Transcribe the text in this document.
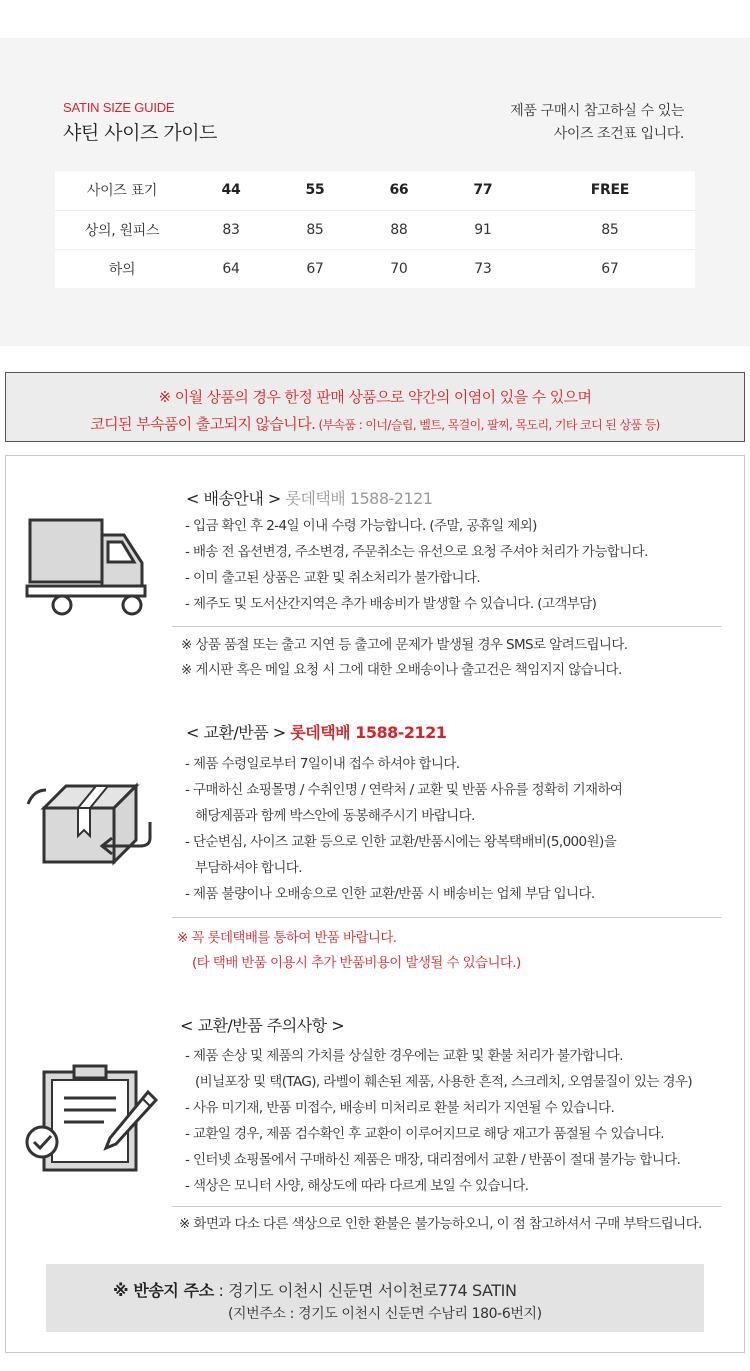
SATIN SIZE GUIDE
샤틴 사이즈 가이드
제품 구매시 참고하실 수 있는
사이즈 조건표 입니다.
사이즈 표기	44	55	66	77	FREE
상의, 원피스	83	85	88	91	85
하의	64	67	70	73	67
※ 이월 상품의 경우 한정 판매 상품으로 약간의 이염이 있을 수 있으며
코디된 부속품이 출고되지 않습니다. (부속품 : 이너/슬립, 벨트, 목걸이, 팔찌, 목도리, 기타 코디 된 상품 등)
< 배송안내 > 롯데택배 1588-2121
- 입금 확인 후 2-4일 이내 수령 가능합니다. (주말, 공휴일 제외)
- 배송 전 옵션변경, 주소변경, 주문취소는 유선으로 요청 주셔야 처리가 가능합니다.
- 이미 출고된 상품은 교환 및 취소처리가 불가합니다.
- 제주도 및 도서산간지역은 추가 배송비가 발생할 수 있습니다. (고객부담)
※ 상품 품절 또는 출고 지연 등 출고에 문제가 발생될 경우 SMS로 알려드립니다.
※ 게시판 혹은 메일 요청 시 그에 대한 오배송이나 출고건은 책임지지 않습니다.
< 교환/반품 > 롯데택배 1588-2121
- 제품 수령일로부터 7일이내 접수 하셔야 합니다.
- 구매하신 쇼핑몰명 / 수취인명 / 연락처 / 교환 및 반품 사유를 정확히 기재하여
해당제품과 함께 박스안에 동봉해주시기 바랍니다.
- 단순변심, 사이즈 교환 등으로 인한 교환/반품시에는 왕복택배비(5,000원)을
부담하셔야 합니다.
- 제품 불량이나 오배송으로 인한 교환/반품 시 배송비는 업체 부담 입니다.
※ 꼭 롯데택배를 통하여 반품 바랍니다.
(타 택배 반품 이용시 추가 반품비용이 발생될 수 있습니다.)
< 교환/반품 주의사항 >
- 제품 손상 및 제품의 가치를 상실한 경우에는 교환 및 환불 처리가 불가합니다.
(비닐포장 및 택(TAG), 라벨이 훼손된 제품, 사용한 흔적, 스크레치, 오염물질이 있는 경우)
- 사유 미기재, 반품 미접수, 배송비 미처리로 환불 처리가 지연될 수 있습니다.
- 교환일 경우, 제품 검수확인 후 교환이 이루어지므로 해당 재고가 품절될 수 있습니다.
- 인터넷 쇼핑몰에서 구매하신 제품은 매장, 대리점에서 교환 / 반품이 절대 불가능 합니다.
- 색상은 모니터 사양, 해상도에 따라 다르게 보일 수 있습니다.
※ 화면과 다소 다른 색상으로 인한 환불은 불가능하오니, 이 점 참고하셔서 구매 부탁드립니다.
※ 반송지 주소 : 경기도 이천시 신둔면 서이천로774 SATIN
(지번주소 : 경기도 이천시 신둔면 수남리 180-6번지)
